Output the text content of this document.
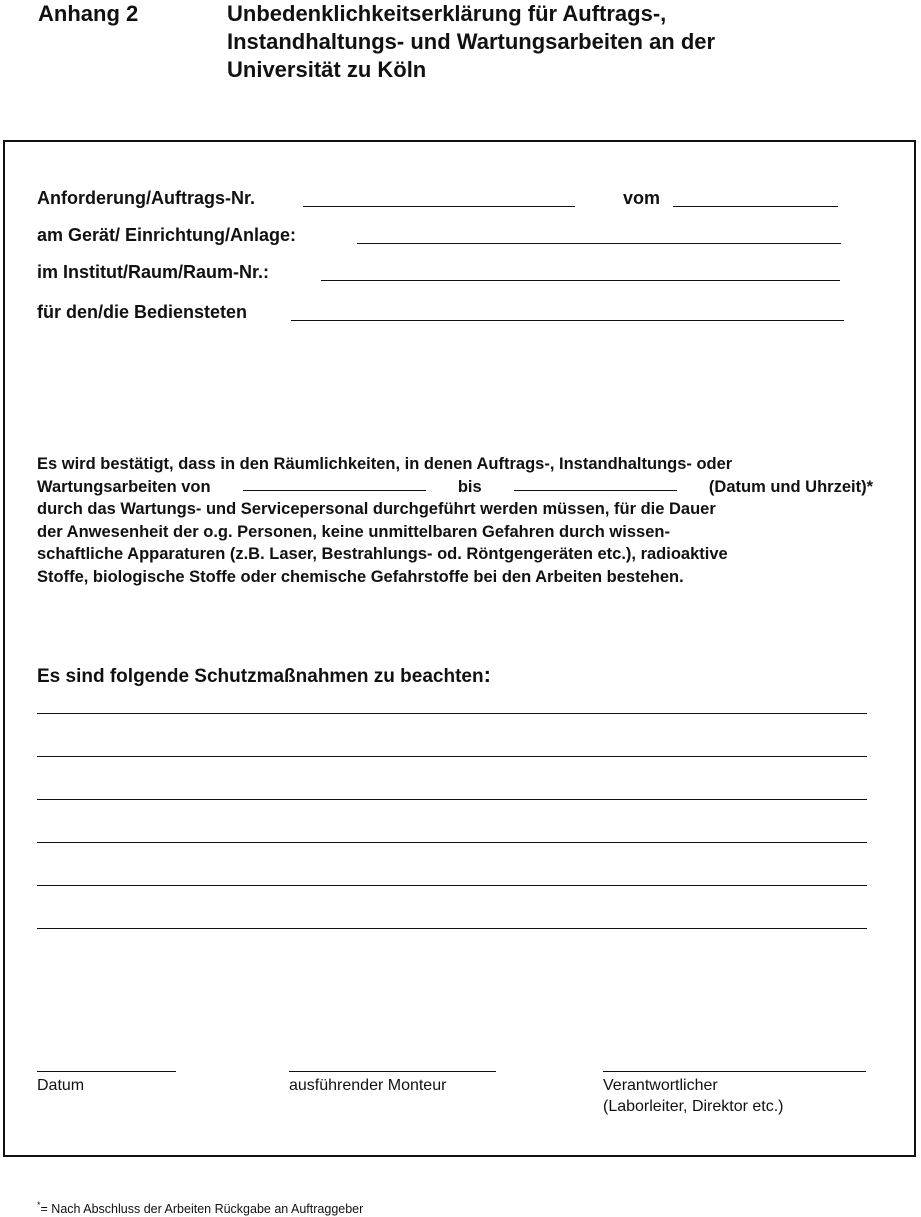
Anhang 2	Unbedenklichkeitserklärung für Auftrags-,
Instandhaltungs- und Wartungsarbeiten an der
Universität zu Köln
Anforderung/Auftrags-Nr.	vom
am Gerät/ Einrichtung/Anlage:
im Institut/Raum/Raum-Nr.:
für den/die Bediensteten
Es wird bestätigt, dass in den Räumlichkeiten, in denen Auftrags-, Instandhaltungs- oder
Wartungsarbeiten von	bis	(Datum und Uhrzeit)*
durch das Wartungs- und Servicepersonal durchgeführt werden müssen, für die Dauer
der Anwesenheit der o.g. Personen, keine unmittelbaren Gefahren durch wissen-
schaftliche Apparaturen (z.B. Laser, Bestrahlungs- od. Röntgengeräten etc.), radioaktive
Stoffe, biologische Stoffe oder chemische Gefahrstoffe bei den Arbeiten bestehen.
Es sind folgende Schutzmaßnahmen zu beachten:
Datum	ausführender Monteur	Verantwortlicher
(Laborleiter, Direktor etc.)
*= Nach Abschluss der Arbeiten Rückgabe an Auftraggeber
